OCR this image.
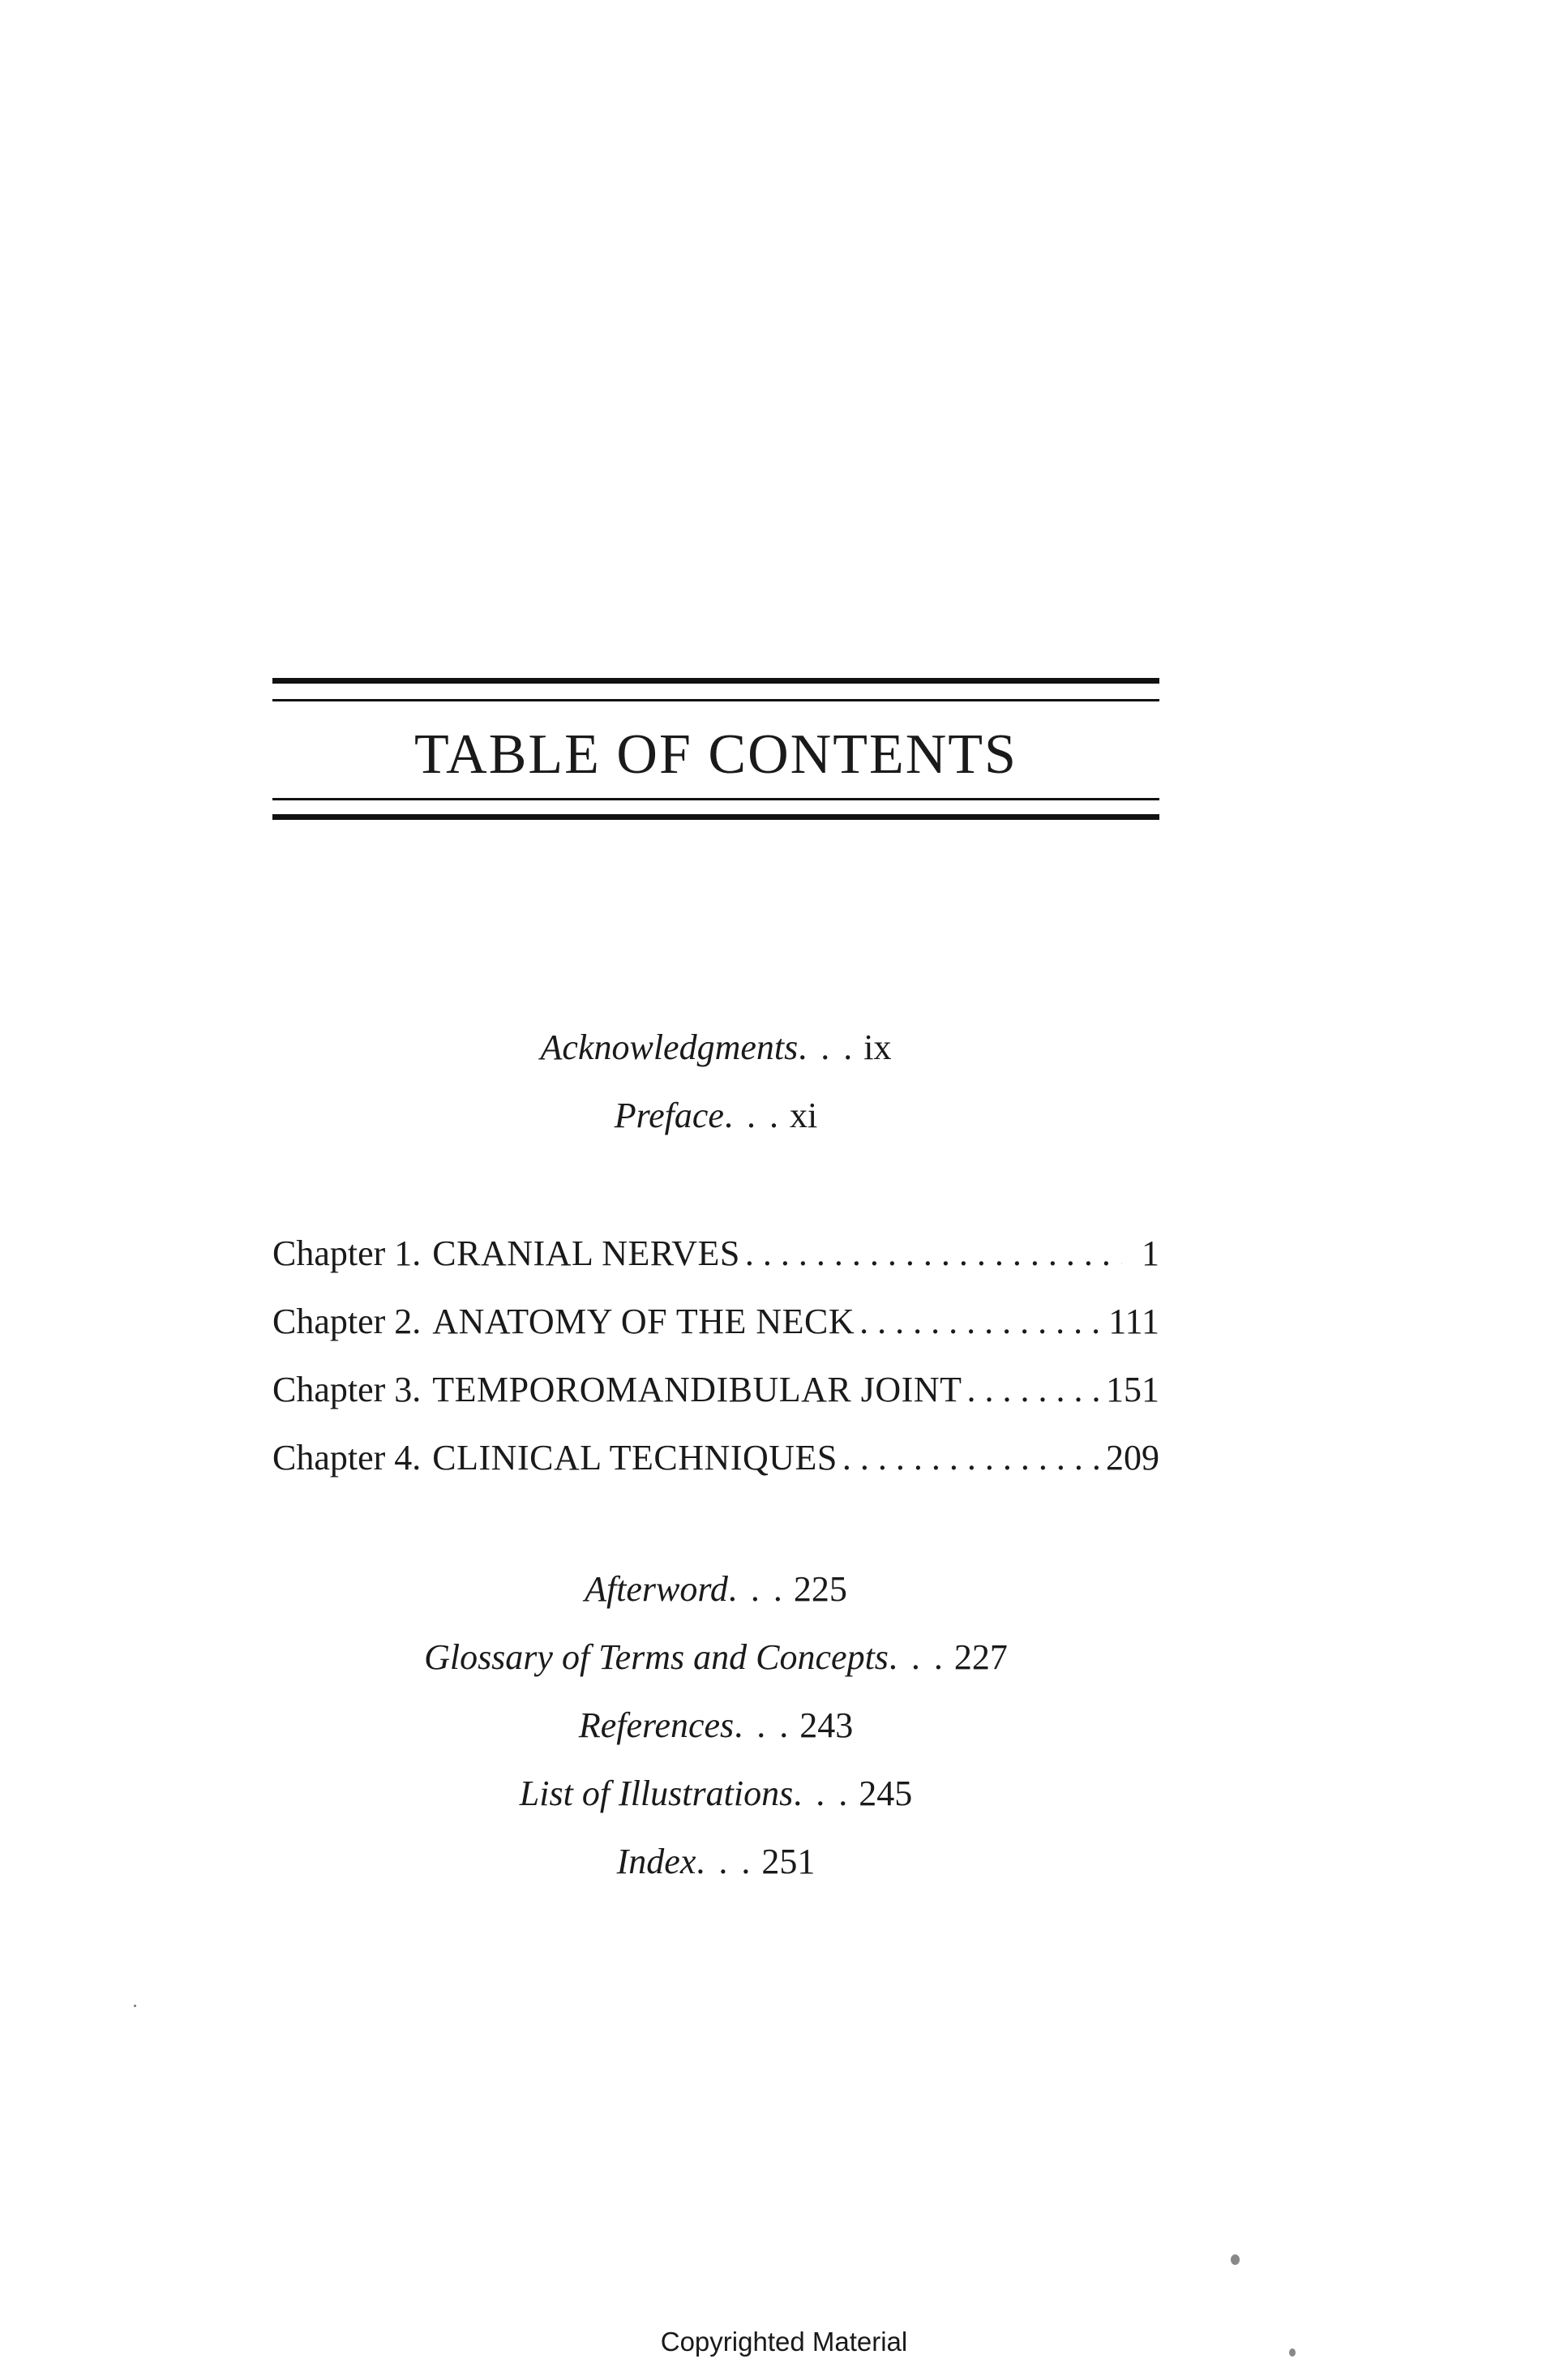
TABLE OF CONTENTS
Acknowledgments. . . ix
Preface. . . xi
Chapter 1. CRANIAL NERVES . . .	1
Chapter 2. ANATOMY OF THE NECK . . .	111
Chapter 3. TEMPOROMANDIBULAR JOINT . . .	151
Chapter 4. CLINICAL TECHNIQUES . . .	209
Afterword. . . 225
Glossary of Terms and Concepts. . . 227
References. . . 243
List of Illustrations. . . 245
Index. . . 251
Copyrighted Material
